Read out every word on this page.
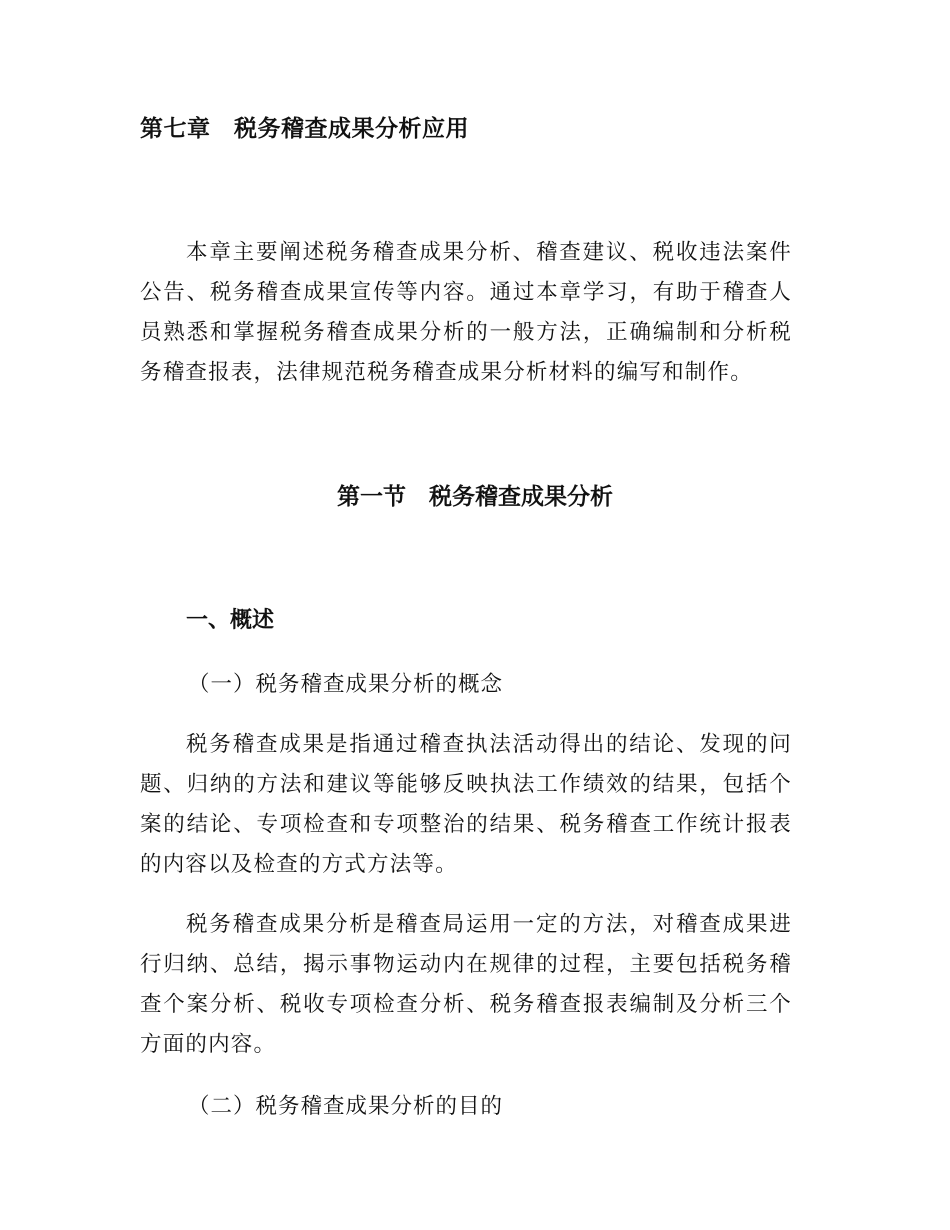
第七章　税务稽查成果分析应用

本章主要阐述税务稽查成果分析、稽查建议、税收违法案件公告、税务稽查成果宣传等内容。通过本章学习，有助于稽查人员熟悉和掌握税务稽查成果分析的一般方法，正确编制和分析税务稽查报表，法律规范税务稽查成果分析材料的编写和制作。

第一节　税务稽查成果分析
一、概述
（一）税务稽查成果分析的概念

税务稽查成果是指通过稽查执法活动得出的结论、发现的问题、归纳的方法和建议等能够反映执法工作绩效的结果，包括个案的结论、专项检查和专项整治的结果、税务稽查工作统计报表的内容以及检查的方式方法等。

税务稽查成果分析是稽查局运用一定的方法，对稽查成果进行归纳、总结，揭示事物运动内在规律的过程，主要包括税务稽查个案分析、税收专项检查分析、税务稽查报表编制及分析三个方面的内容。

（二）税务稽查成果分析的目的
